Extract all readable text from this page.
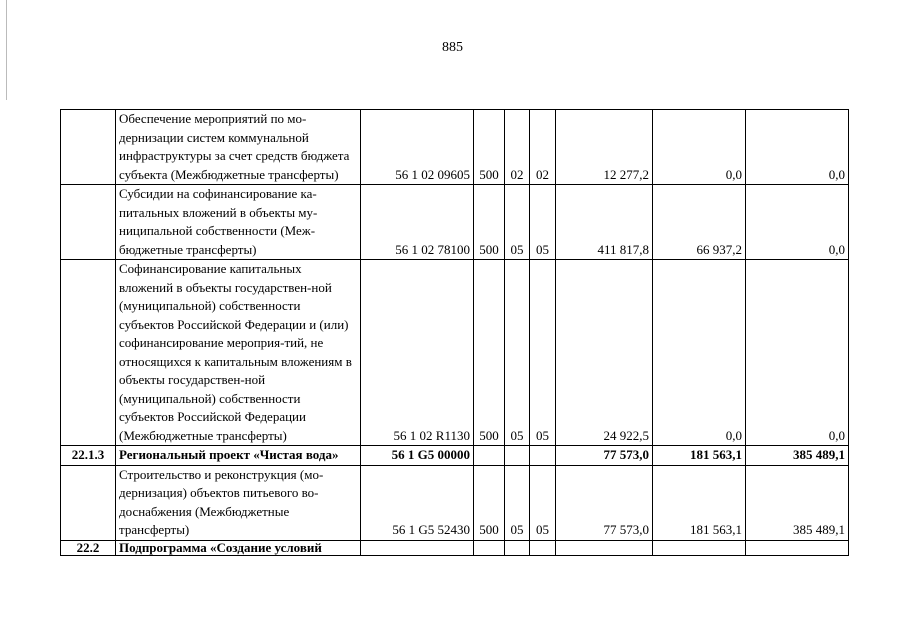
885
	Обеспечение мероприятий по мо-дернизации систем коммунальной инфраструктуры за счет средств бюджета субъекта (Межбюджетные трансферты)	56 1 02 09605	500	02	02	12 277,2	0,0	0,0
	Субсидии на софинансирование ка-питальных вложений в объекты му-ниципальной собственности (Меж-бюджетные трансферты)	56 1 02 78100	500	05	05	411 817,8	66 937,2	0,0
	Софинансирование капитальных вложений в объекты государствен-ной (муниципальной) собственности субъектов Российской Федерации и (или) софинансирование мероприя-тий, не относящихся к капитальным вложениям в объекты государствен-ной (муниципальной) собственности субъектов Российской Федерации (Межбюджетные трансферты)	56 1 02 R1130	500	05	05	24 922,5	0,0	0,0
22.1.3	Региональный проект «Чистая вода»	56 1 G5 00000				77 573,0	181 563,1	385 489,1
	Строительство и реконструкция (мо-дернизация) объектов питьевого во-доснабжения (Межбюджетные трансферты)	56 1 G5 52430	500	05	05	77 573,0	181 563,1	385 489,1
22.2	Подпрограмма «Создание условий							
